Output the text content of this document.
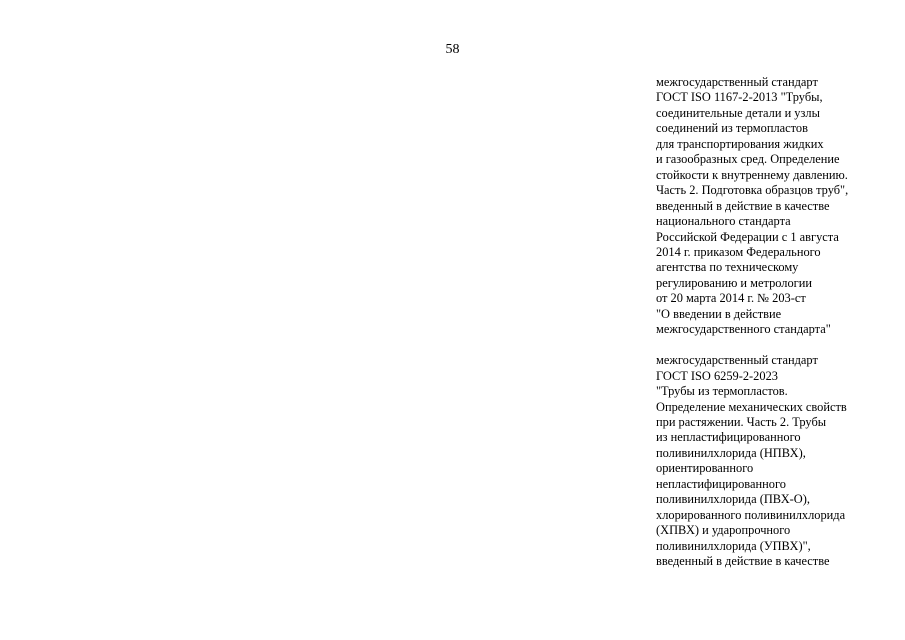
58

межгосударственный стандарт
ГОСТ ISO 1167-2-2013 "Трубы,
соединительные детали и узлы
соединений из термопластов
для транспортирования жидких
и газообразных сред. Определение
стойкости к внутреннему давлению.
Часть 2. Подготовка образцов труб",
введенный в действие в качестве
национального стандарта
Российской Федерации с 1 августа
2014 г. приказом Федерального
агентства по техническому
регулированию и метрологии
от 20 марта 2014 г. № 203-ст
"О введении в действие
межгосударственного стандарта"

межгосударственный стандарт
ГОСТ ISO 6259-2-2023
"Трубы из термопластов.
Определение механических свойств
при растяжении. Часть 2. Трубы
из непластифицированного
поливинилхлорида (НПВХ),
ориентированного
непластифицированного
поливинилхлорида (ПВХ-О),
хлорированного поливинилхлорида
(ХПВХ) и ударопрочного
поливинилхлорида (УПВХ)",
введенный в действие в качестве
